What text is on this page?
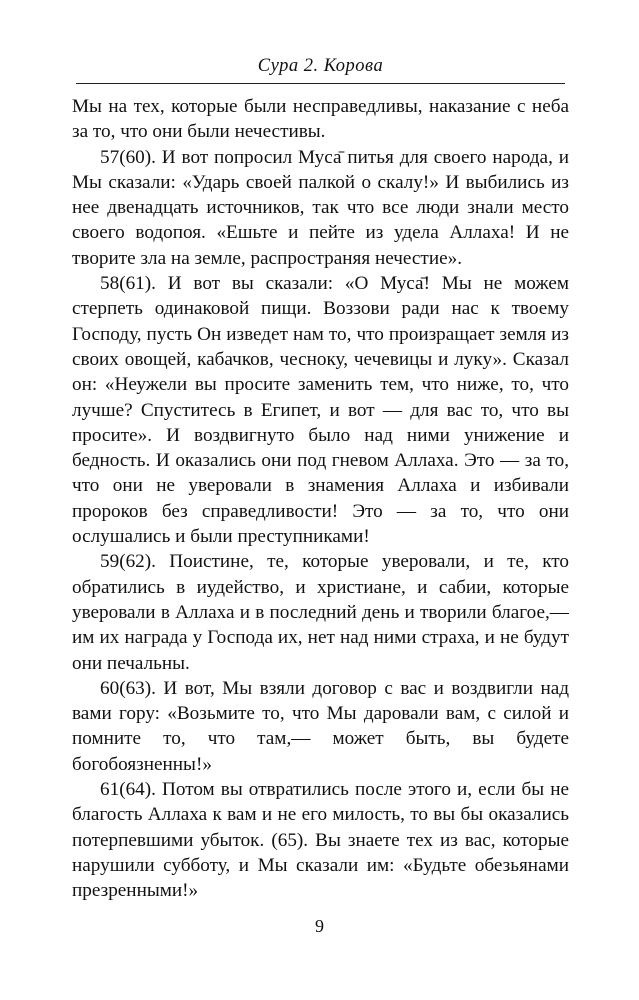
Сура 2. Корова

Мы на тех, которые были несправедливы, наказание с неба за то, что они были нечестивы.

57(60). И вот попросил Муса̄ питья для своего народа, и Мы сказали: «Ударь своей палкой о скалу!» И выбились из нее двенадцать источников, так что все люди знали место своего водопоя. «Ешьте и пейте из удела Аллаха! И не творите зла на земле, распространяя нечестие».

58(61). И вот вы сказали: «О Муса̄! Мы не можем стерпеть одинаковой пищи. Воззови ради нас к твоему Господу, пусть Он изведет нам то, что произращает земля из своих овощей, кабачков, чесноку, чечевицы и луку». Сказал он: «Неужели вы просите заменить тем, что ниже, то, что лучше? Спуститесь в Египет, и вот — для вас то, что вы просите». И воздвигнуто было над ними унижение и бедность. И оказались они под гневом Аллаха. Это — за то, что они не уверовали в знамения Аллаха и избивали пророков без справедливости! Это — за то, что они ослушались и были преступниками!

59(62). Поистине, те, которые уверовали, и те, кто обратились в иудейство, и христиане, и сабии, которые уверовали в Аллаха и в последний день и творили благое,— им их награда у Господа их, нет над ними страха, и не будут они печальны.

60(63). И вот, Мы взяли договор с вас и воздвигли над вами гору: «Возьмите то, что Мы даровали вам, с силой и помните то, что там,— может быть, вы будете богобоязненны!»

61(64). Потом вы отвратились после этого и, если бы не благость Аллаха к вам и не его милость, то вы бы оказались потерпевшими убыток. (65). Вы знаете тех из вас, которые нарушили субботу, и Мы сказали им: «Будьте обезьянами презренными!»

9
